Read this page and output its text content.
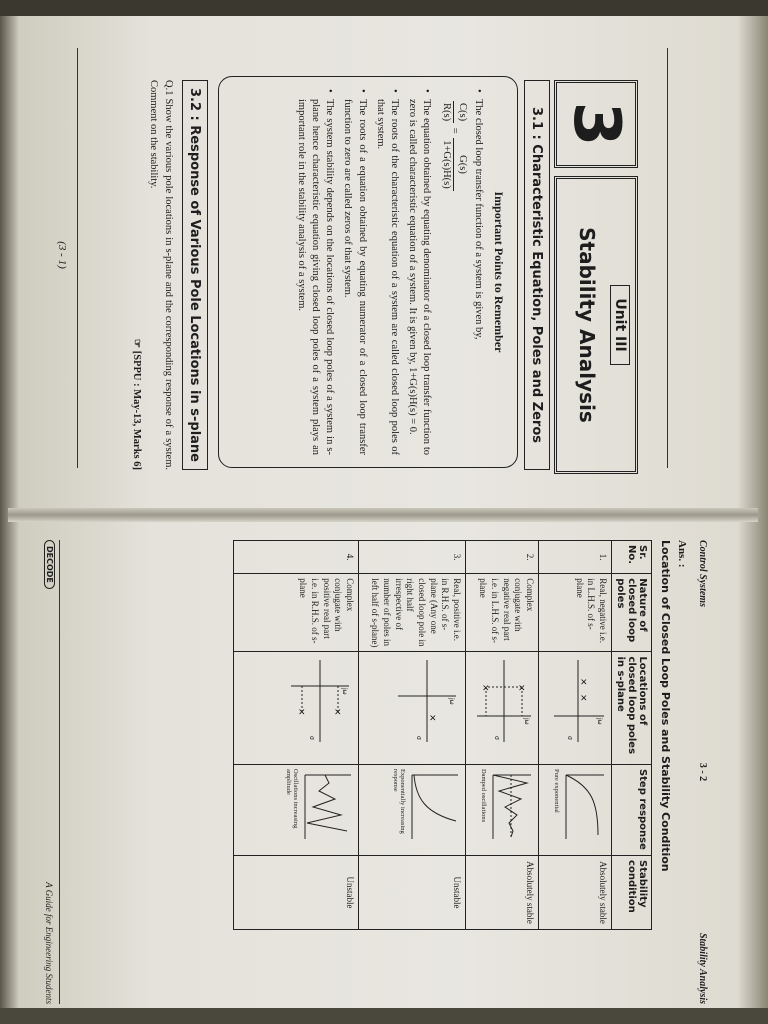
3
Unit III
Stability Analysis
3.1 : Characteristic Equation, Poles and Zeros
Important Points to Remember
• The closed loop transfer function of a system is given by,

C(s)
R(s)
=
G(s)
1+G(s)H(s)
• The equation obtained by equating denominator of a closed loop transfer function to zero is called characteristic equation of a system. It is given by, 1+G(s)H(s) = 0.
• The roots of the characteristic equation of a system are called closed loop poles of that system.
• The roots of a equation obtained by equating numerator of a closed loop transfer function to zero are called zeros of that system.
• The system stability depends on the locations of closed loop poles of a system in s-plane hence characteristic equation giving closed loop poles of a system plays an important role in the stability analysis of a system.
3.2 : Response of Various Pole Locations in s-plane
Q.1 Show the various pole locations in s-plane and the corresponding response of a system. Comment on the stability.
☞ [SPPU : May-13, Marks 6]
(3 - 1)
Control Systems
3 - 2
Stability Analysis
Ans. :
Location of Closed Loop Poles and Stability Condition
Sr. No.	Nature of closed loop poles	Locations of closed loop poles in s-plane	Step response	Stability condition
1.	Real, negative i.e. in L.H.S. of s-plane	×
×
jω
σ	Pure exponential	Absolutely stable
2.	Complex conjugate with negative real part i.e. in L.H.S. of s-plane	×
×
jω
σ	Damped oscillations	Absolutely stable
3.	Real, positive i.e. in R.H.S. of s-plane (Any one closed loop pole in right half irrespective of number of poles in left half of s-plane)	×
jω
σ	Exponentially increasing response	Unstable
4.	Complex conjugate with positive real part i.e. in R.H.S. of s-plane	×
×
jω
σ	Oscillations increasing amplitude	Unstable
DECODE
A Guide for Engineering Students
